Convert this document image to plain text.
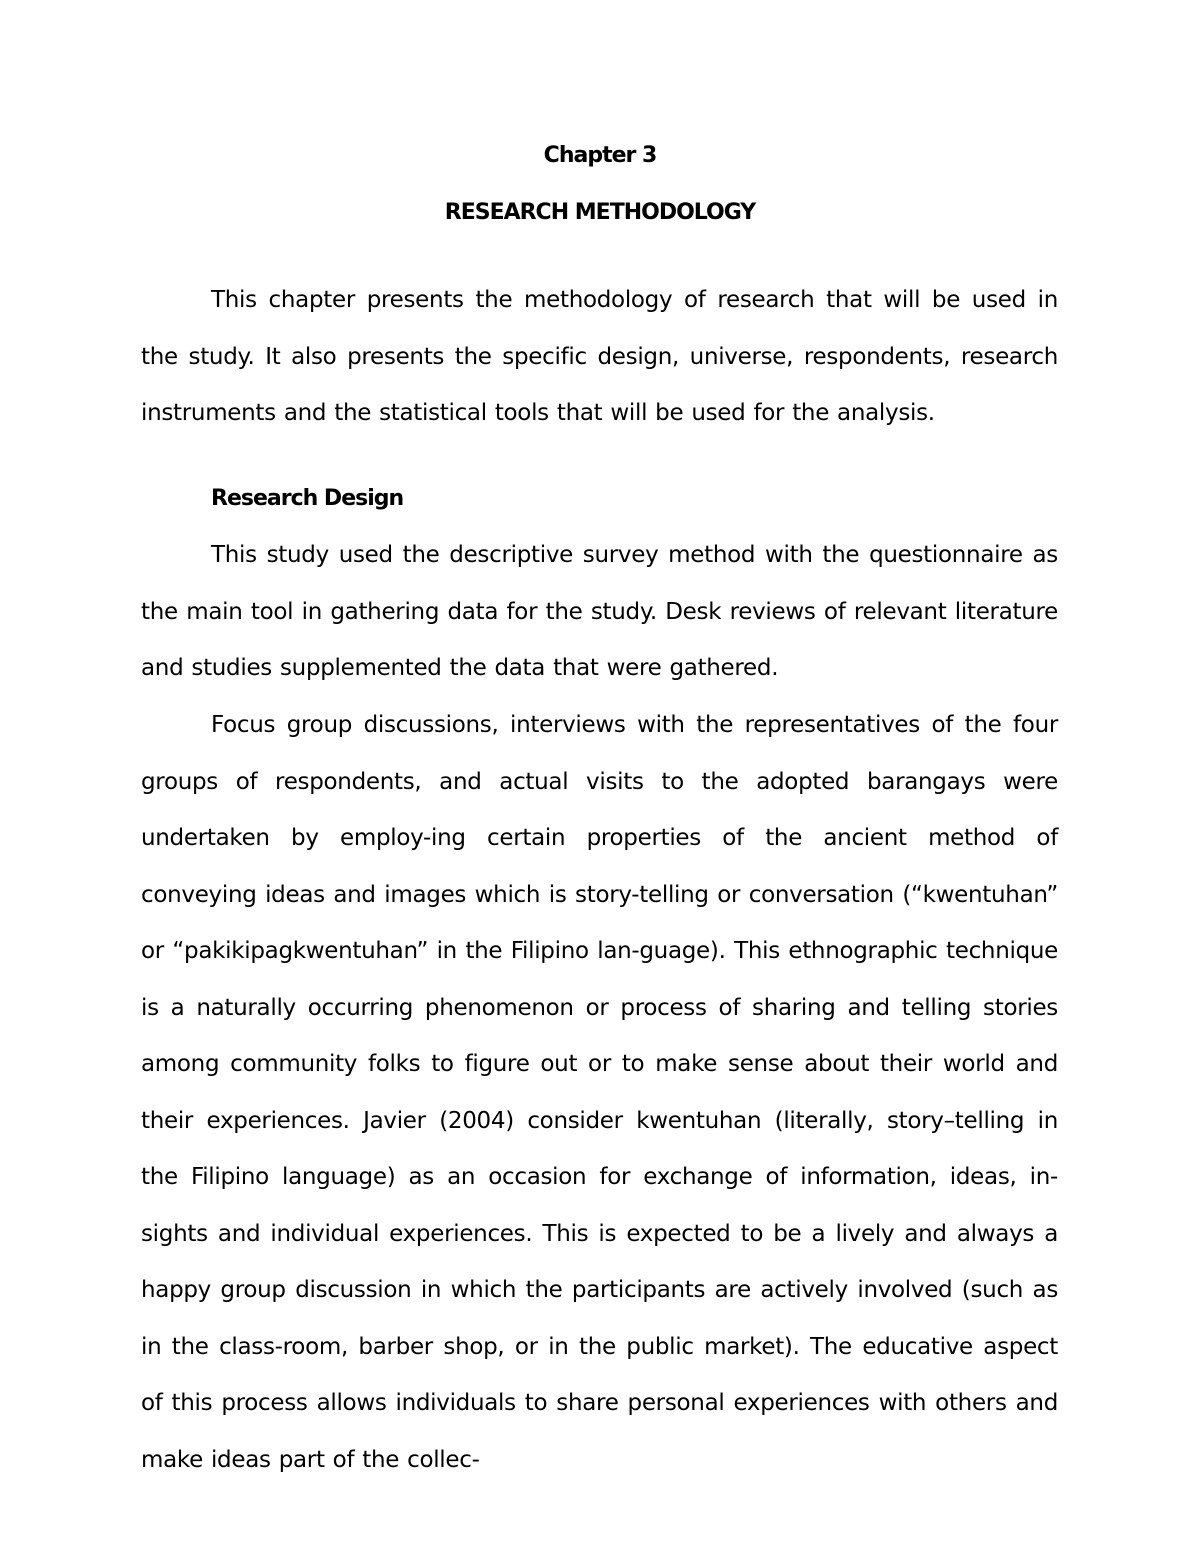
Chapter 3
RESEARCH METHODOLOGY

This chapter presents the methodology of research that will be used in the study. It also presents the specific design, universe, respondents, research instruments and the statistical tools that will be used for the analysis.

Research Design

This study used the descriptive survey method with the questionnaire as the main tool in gathering data for the study. Desk reviews of relevant literature and studies supplemented the data that were gathered.

Focus group discussions, interviews with the representatives of the four groups of respondents, and actual visits to the adopted barangays were undertaken by employ-ing certain properties of the ancient method of conveying ideas and images which is story-telling or conversation (“kwentuhan” or “pakikipagkwentuhan” in the Filipino lan-guage). This ethnographic technique is a naturally occurring phenomenon or process of sharing and telling stories among community folks to figure out or to make sense about their world and their experiences. Javier (2004) consider kwentuhan (literally, story–telling in the Filipino language) as an occasion for exchange of information, ideas, in-sights and individual experiences. This is expected to be a lively and always a happy group discussion in which the participants are actively involved (such as in the class-room, barber shop, or in the public market). The educative aspect of this process allows individuals to share personal experiences with others and make ideas part of the collec-
